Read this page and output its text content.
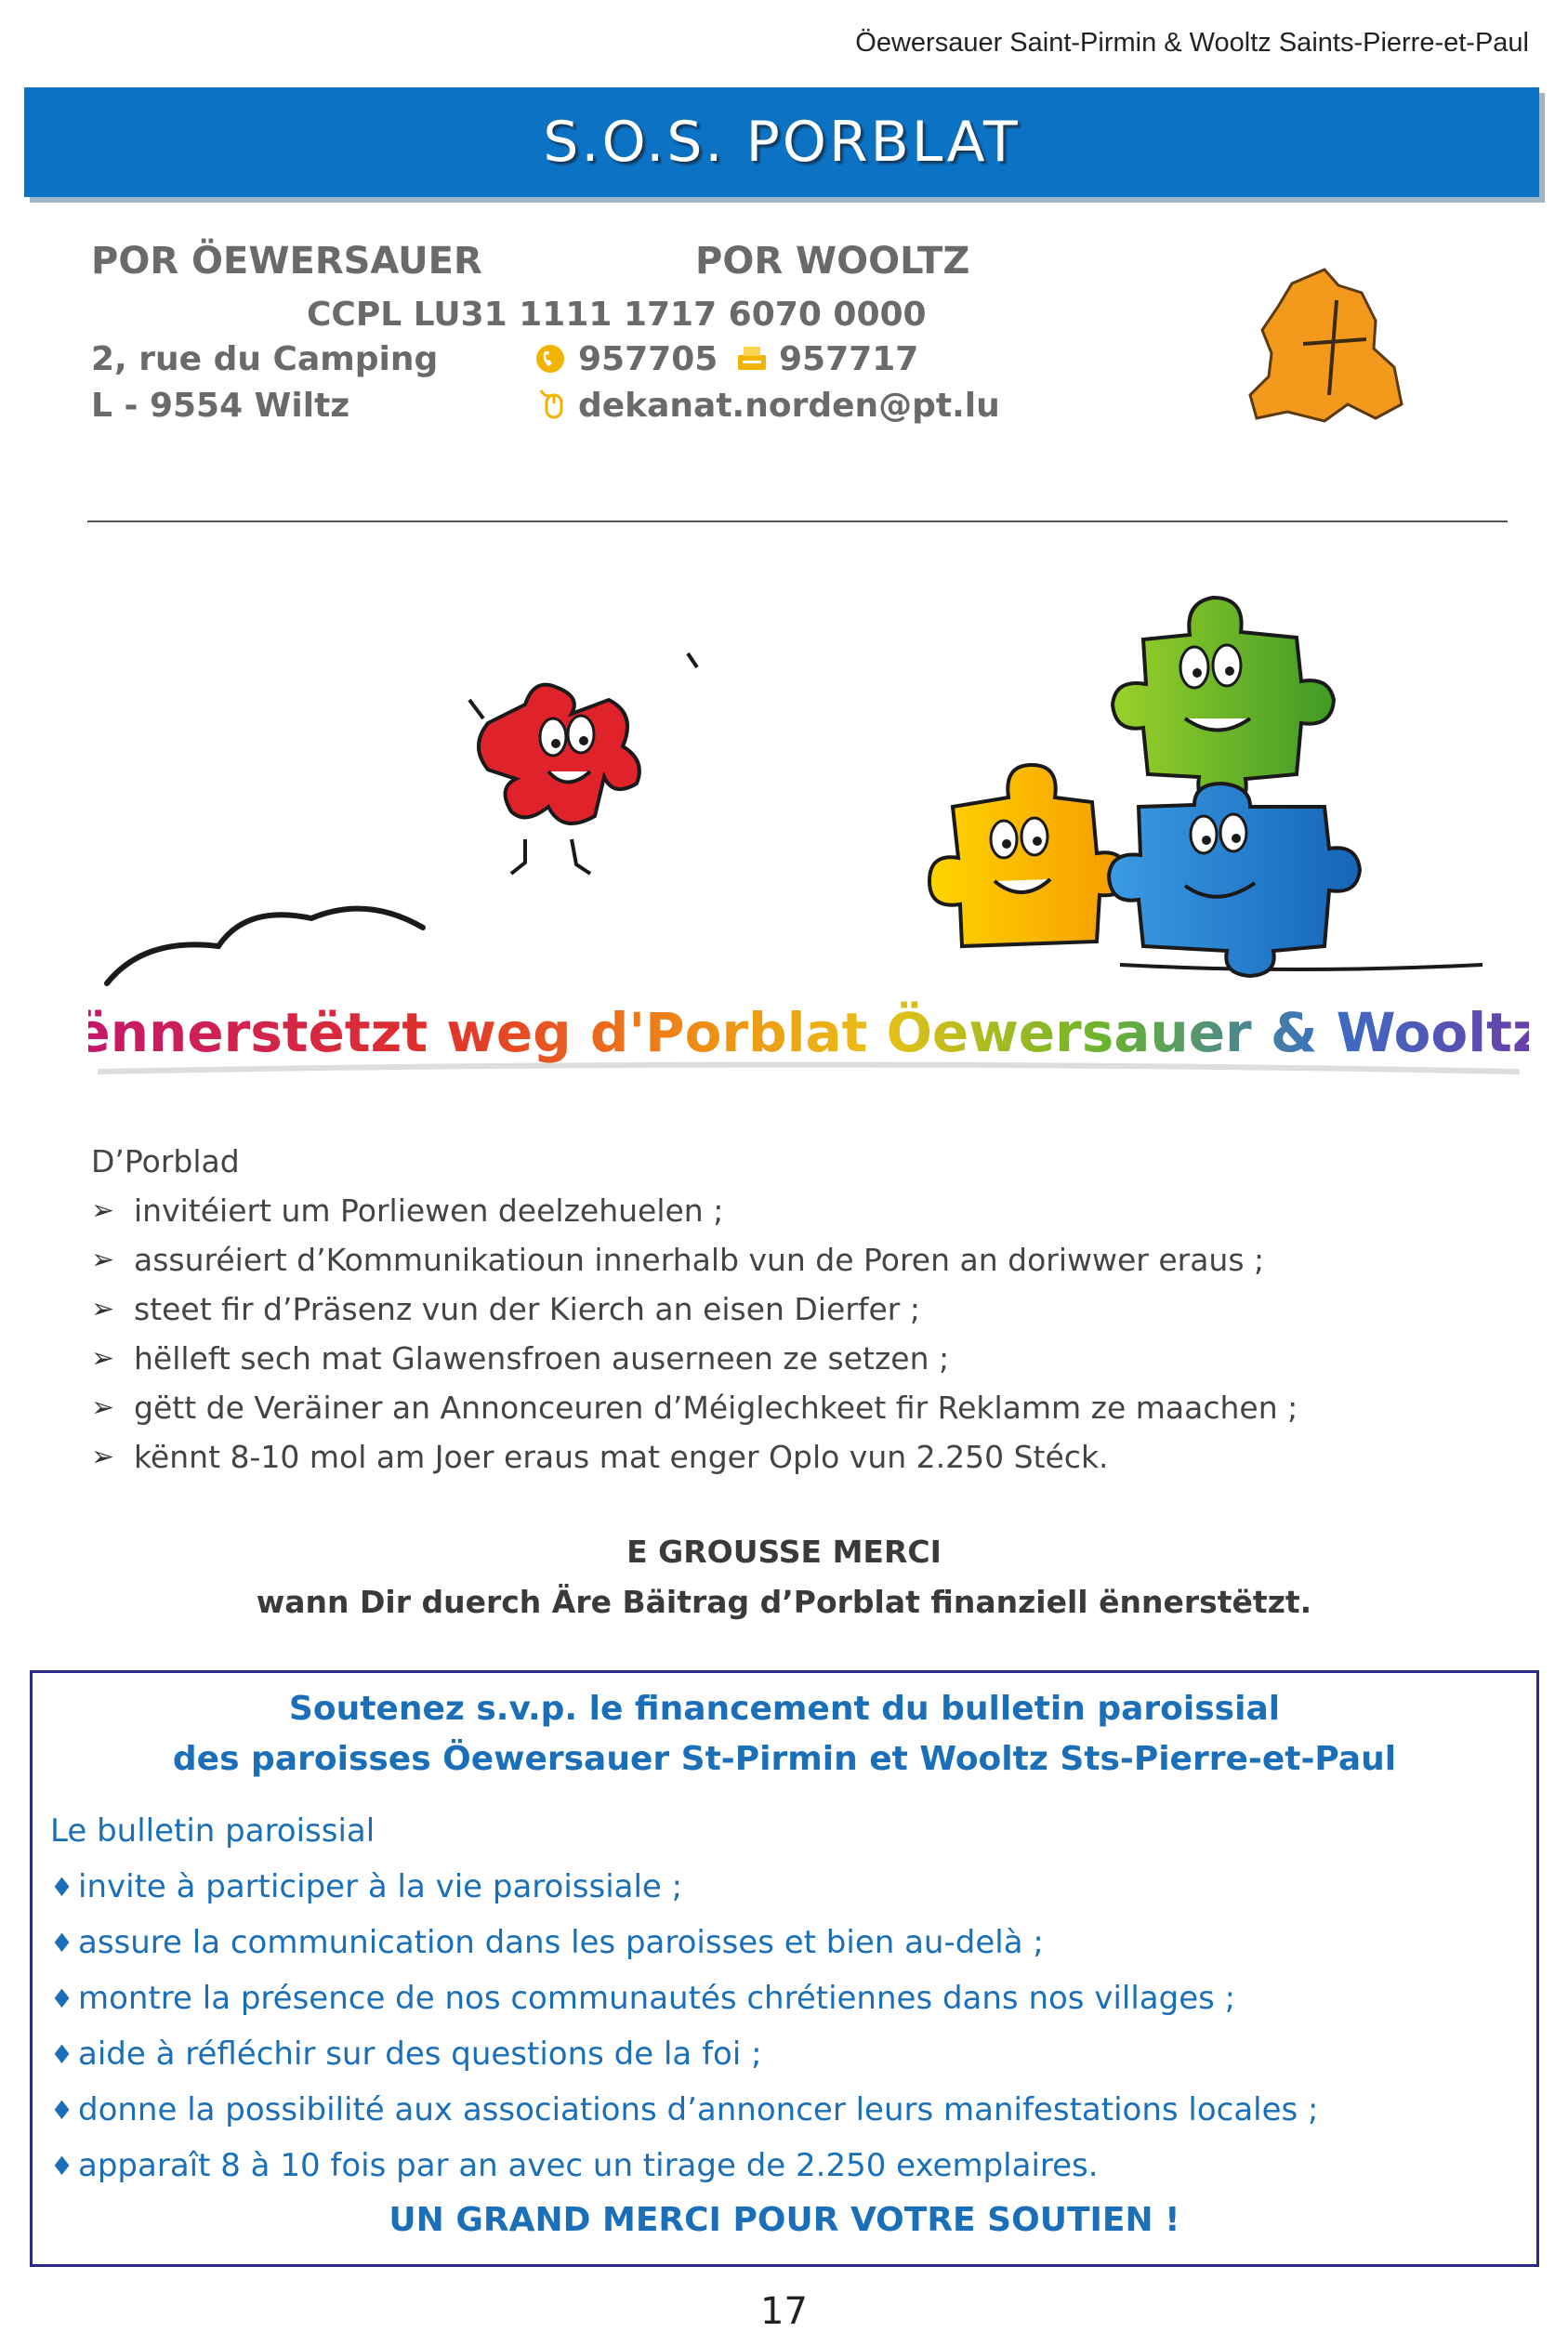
Öewersauer Saint-Pirmin & Wooltz Saints-Pierre-et-Paul
S.O.S. PORBLAT
POR ÖEWERSAUER	POR WOOLTZ
CCPL LU31 1111 1717 6070 0000
2, rue du Camping
L - 9554 Wiltz
957705 957717
dekanat.norden@pt.lu
ënnerstëtzt weg d'Porblat Öewersauer & Wooltz
D’Porblad
➢ invitéiert um Porliewen deelzehuelen ;
➢ assuréiert d’Kommunikatioun innerhalb vun de Poren an doriwwer eraus ;
➢ steet fir d’Präsenz vun der Kierch an eisen Dierfer ;
➢ hëlleft sech mat Glawensfroen auserneen ze setzen ;
➢ gëtt de Veräiner an Annonceuren d’Méiglechkeet fir Reklamm ze maachen ;
➢ kënnt 8-10 mol am Joer eraus mat enger Oplo vun 2.250 Stéck.
E GROUSSE MERCI
wann Dir duerch Äre Bäitrag d’Porblat finanziell ënnerstëtzt.
Soutenez s.v.p. le financement du bulletin paroissial
des paroisses Öewersauer St-Pirmin et Wooltz Sts-Pierre-et-Paul
Le bulletin paroissial
♦ invite à participer à la vie paroissiale ;
♦ assure la communication dans les paroisses et bien au-delà ;
♦ montre la présence de nos communautés chrétiennes dans nos villages ;
♦ aide à réfléchir sur des questions de la foi ;
♦ donne la possibilité aux associations d’annoncer leurs manifestations locales ;
♦ apparaît 8 à 10 fois par an avec un tirage de 2.250 exemplaires.
UN GRAND MERCI POUR VOTRE SOUTIEN !
17
